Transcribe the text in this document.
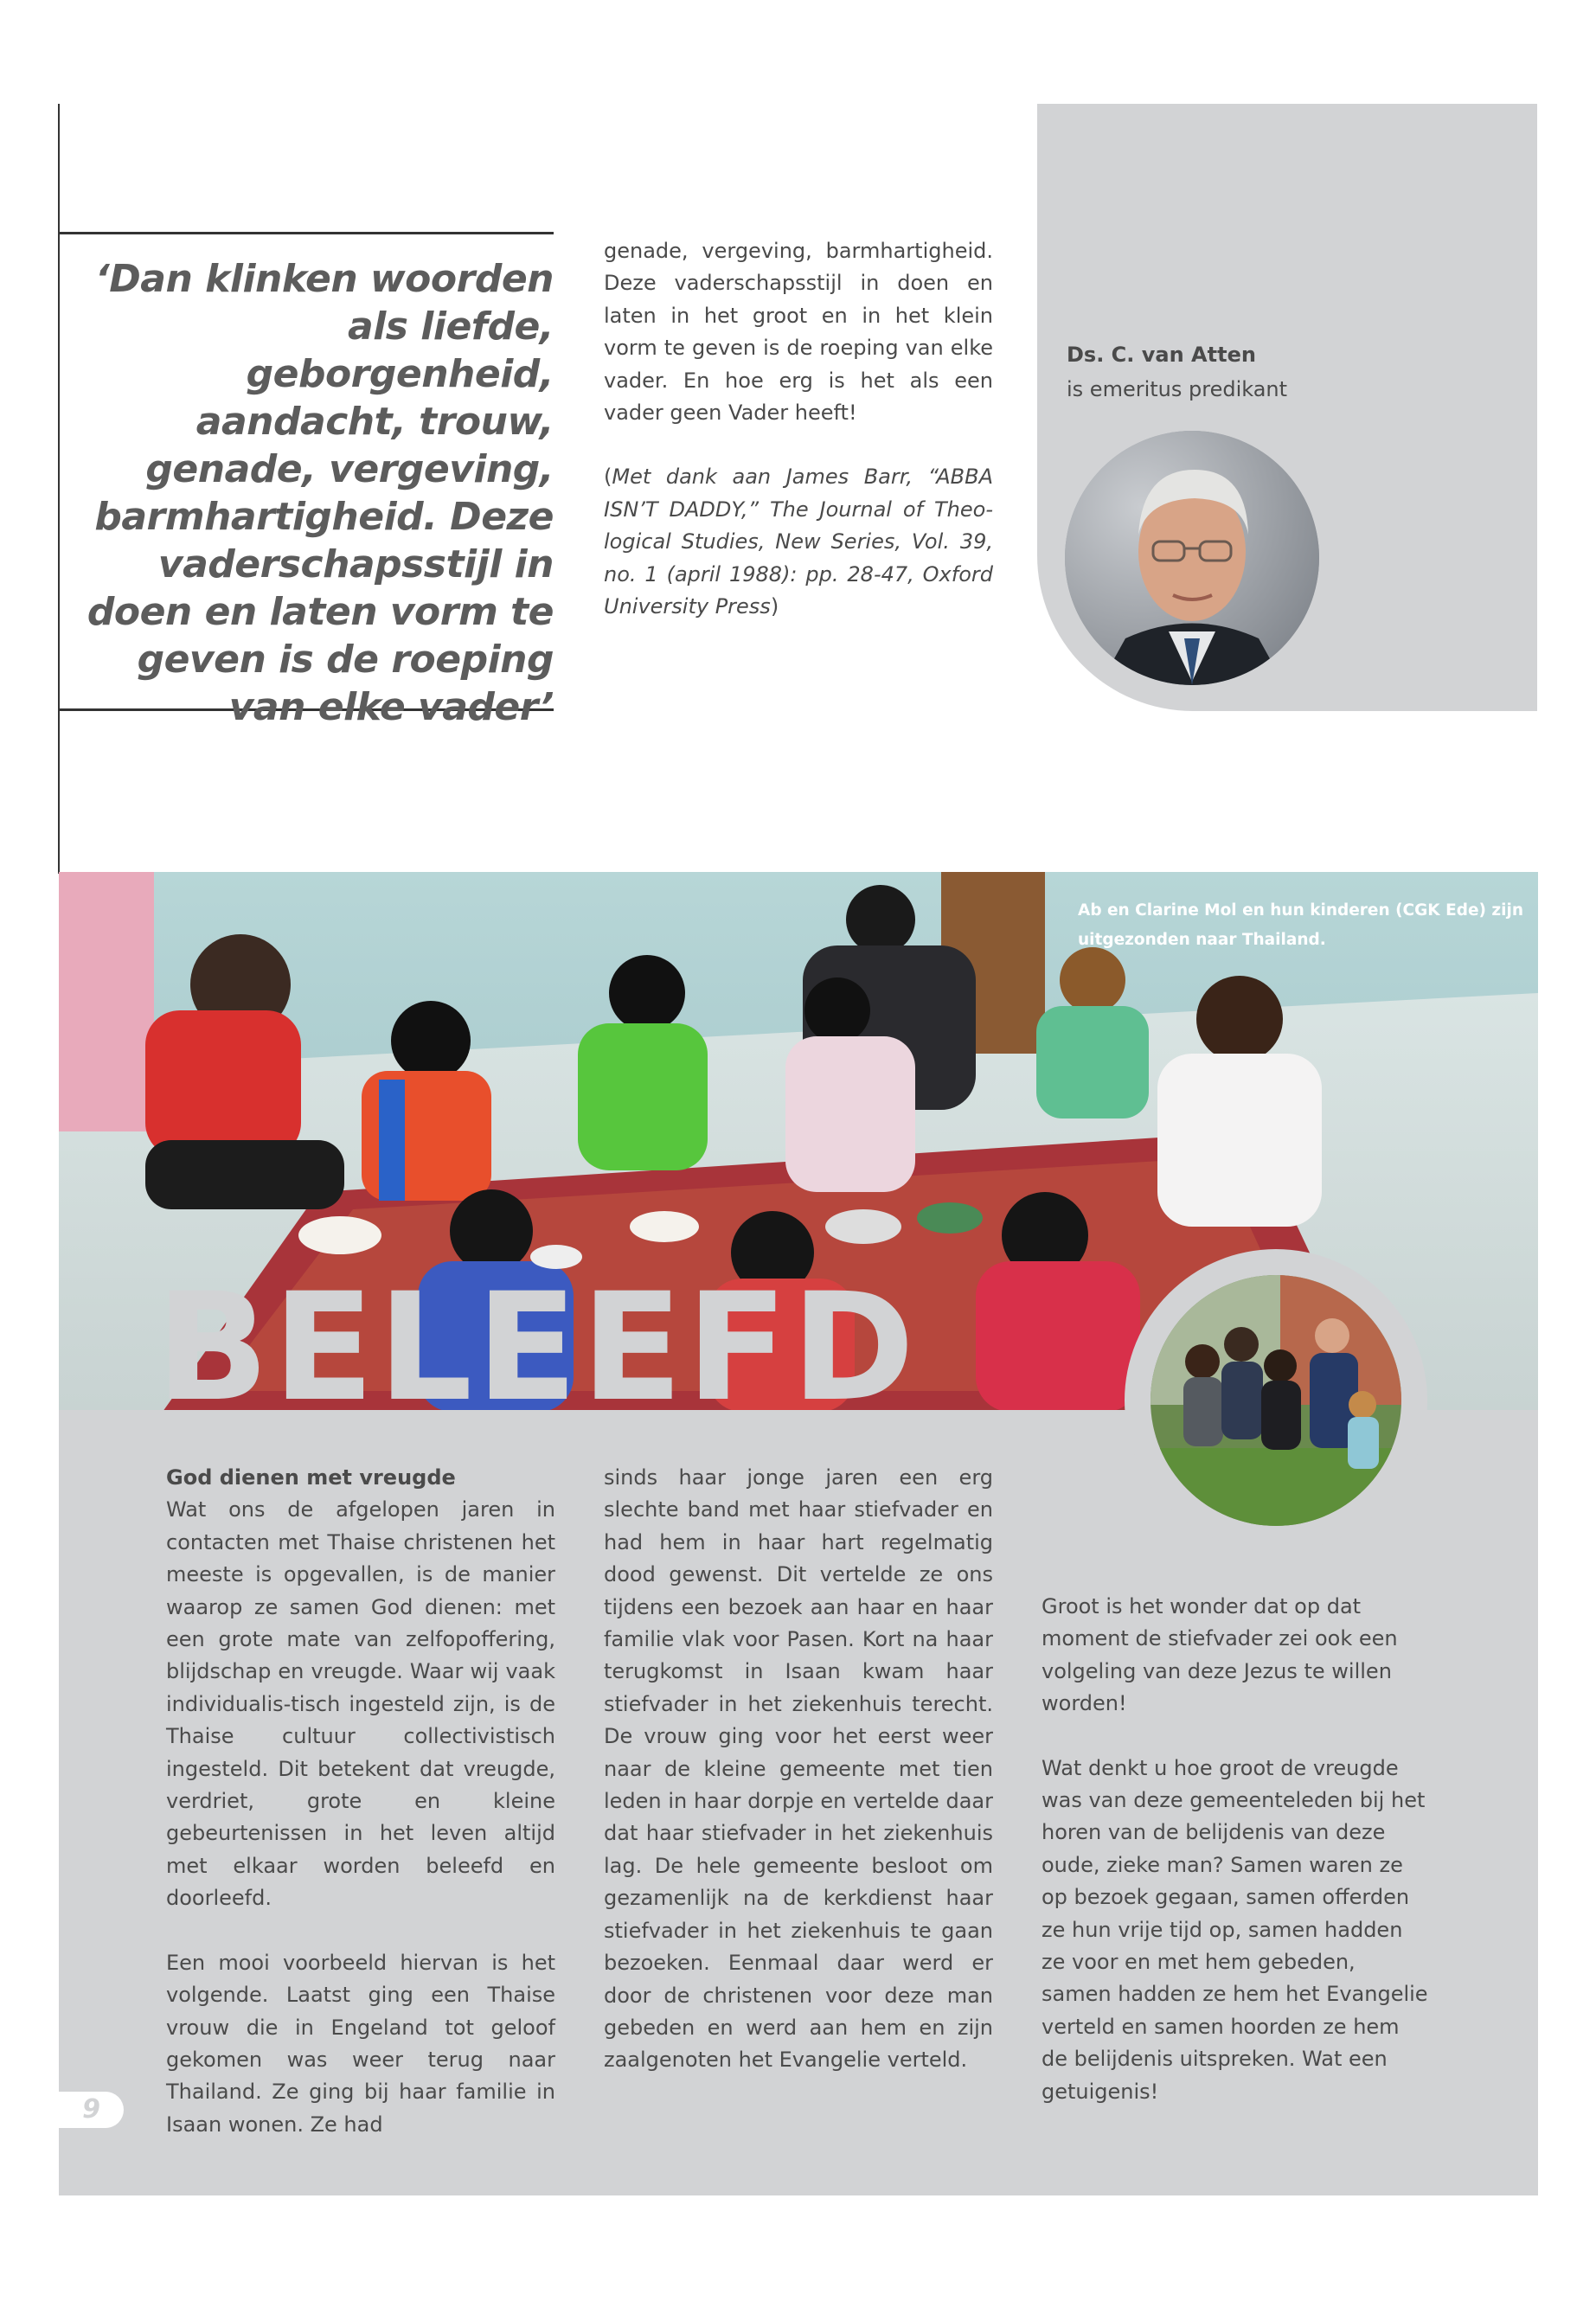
‘Dan klinken woorden als liefde, geborgenheid, aandacht, trouw, genade, vergeving, barmhartigheid. Deze vaderschapsstijl in doen en laten vorm te geven is de roeping van elke vader’

genade, vergeving, barmhartigheid. Deze vaderschapsstijl in doen en laten in het groot en in het klein vorm te geven is de roeping van elke vader. En hoe erg is het als een vader geen Vader heeft!

(Met dank aan James Barr, “ABBA ISN’T DADDY,” The Journal of Theo-logical Studies, New Series, Vol. 39, no. 1 (april 1988): pp. 28-47, Oxford University Press)

Ds. C. van Atten
is emeritus predikant
Ab en Clarine Mol en hun kinderen (CGK Ede) zijn uitgezonden naar Thailand.
BELEEFD

God dienen met vreugde
Wat ons de afgelopen jaren in contacten met Thaise christenen het meeste is opgevallen, is de manier waarop ze samen God dienen: met een grote mate van zelfopoffering, blijdschap en vreugde. Waar wij vaak individualis-tisch ingesteld zijn, is de Thaise cultuur collectivistisch ingesteld. Dit betekent dat vreugde, verdriet, grote en kleine gebeurtenissen in het leven altijd met elkaar worden beleefd en doorleefd.

Een mooi voorbeeld hiervan is het volgende. Laatst ging een Thaise vrouw die in Engeland tot geloof gekomen was weer terug naar Thailand. Ze ging bij haar familie in Isaan wonen. Ze had

sinds haar jonge jaren een erg slechte band met haar stiefvader en had hem in haar hart regelmatig dood gewenst. Dit vertelde ze ons tijdens een bezoek aan haar en haar familie vlak voor Pasen. Kort na haar terugkomst in Isaan kwam haar stiefvader in het ziekenhuis terecht. De vrouw ging voor het eerst weer naar de kleine gemeente met tien leden in haar dorpje en vertelde daar dat haar stiefvader in het ziekenhuis lag. De hele gemeente besloot om gezamenlijk na de kerkdienst haar stiefvader in het ziekenhuis te gaan bezoeken. Eenmaal daar werd er door de christenen voor deze man gebeden en werd aan hem en zijn zaalgenoten het Evangelie verteld.

Groot is het wonder dat op dat moment de stiefvader zei ook een volgeling van deze Jezus te willen worden!

Wat denkt u hoe groot de vreugde was van deze gemeenteleden bij het horen van de belijdenis van deze oude, zieke man? Samen waren ze op bezoek gegaan, samen offerden ze hun vrije tijd op, samen hadden ze voor en met hem gebeden, samen hadden ze hem het Evangelie verteld en samen hoorden ze hem de belijdenis uitspreken. Wat een getuigenis!

9
